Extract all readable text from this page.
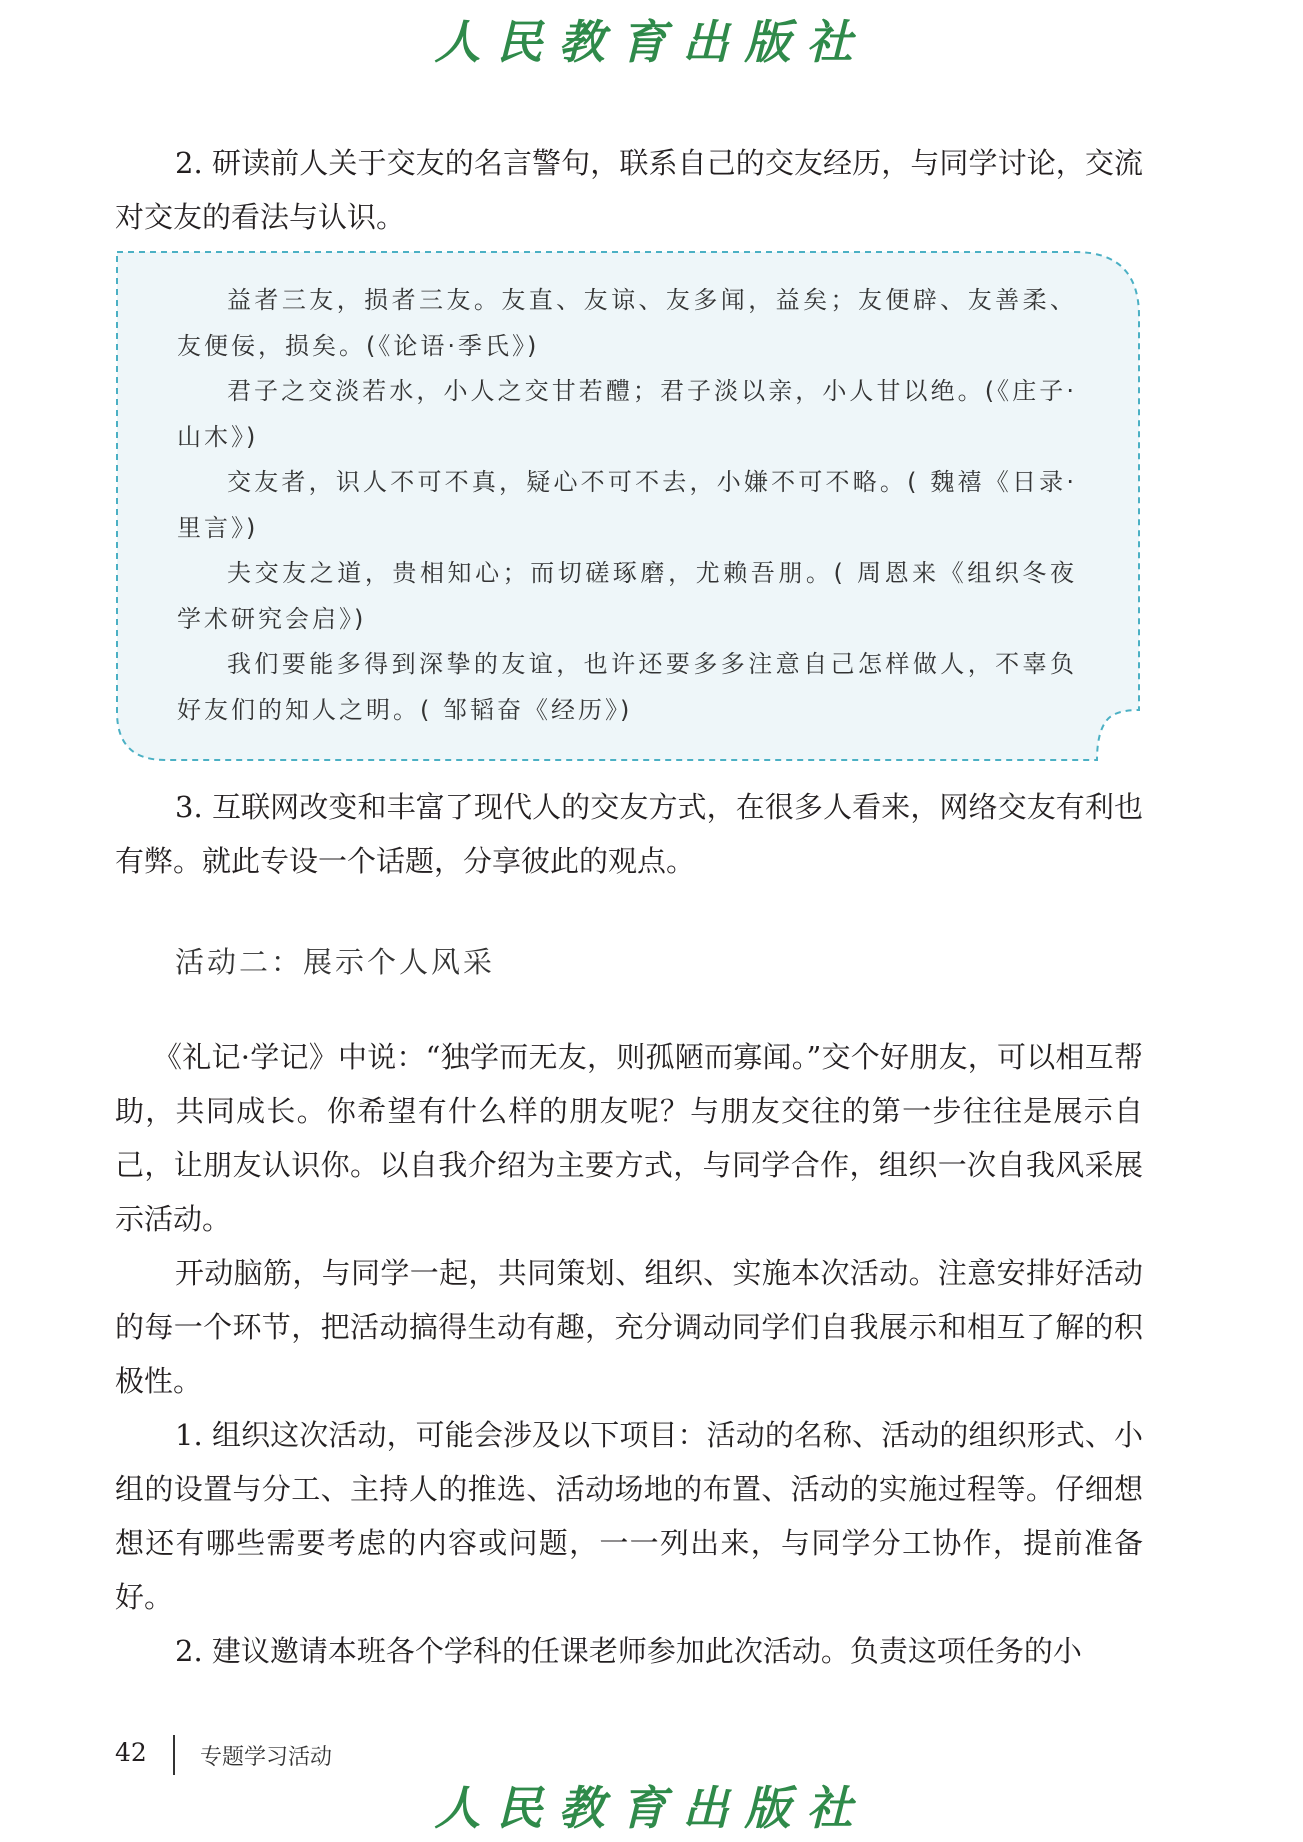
人民教育出版社

2. 研读前人关于交友的名言警句，联系自己的交友经历，与同学讨论，交流对交友的看法与认识。

益者三友，损者三友。友直、友谅、友多闻，益矣；友便辟、友善柔、友便佞，损矣。(《论语·季氏》)

君子之交淡若水，小人之交甘若醴；君子淡以亲，小人甘以绝。(《庄子·山木》)

交友者，识人不可不真，疑心不可不去，小嫌不可不略。( 魏禧《日录·里言》)

夫交友之道，贵相知心；而切磋琢磨，尤赖吾朋。( 周恩来《组织冬夜学术研究会启》)

我们要能多得到深挚的友谊，也许还要多多注意自己怎样做人，不辜负好友们的知人之明。( 邹韬奋《经历》)

3. 互联网改变和丰富了现代人的交友方式，在很多人看来，网络交友有利也有弊。就此专设一个话题，分享彼此的观点。

活动二：展示个人风采

《礼记·学记》中说：“独学而无友，则孤陋而寡闻。”交个好朋友，可以相互帮助，共同成长。你希望有什么样的朋友呢？与朋友交往的第一步往往是展示自己，让朋友认识你。以自我介绍为主要方式，与同学合作，组织一次自我风采展示活动。

开动脑筋，与同学一起，共同策划、组织、实施本次活动。注意安排好活动的每一个环节，把活动搞得生动有趣，充分调动同学们自我展示和相互了解的积极性。

1. 组织这次活动，可能会涉及以下项目：活动的名称、活动的组织形式、小组的设置与分工、主持人的推选、活动场地的布置、活动的实施过程等。仔细想想还有哪些需要考虑的内容或问题，一一列出来，与同学分工协作，提前准备好。

2. 建议邀请本班各个学科的任课老师参加此次活动。负责这项任务的小

42 专题学习活动
人民教育出版社
